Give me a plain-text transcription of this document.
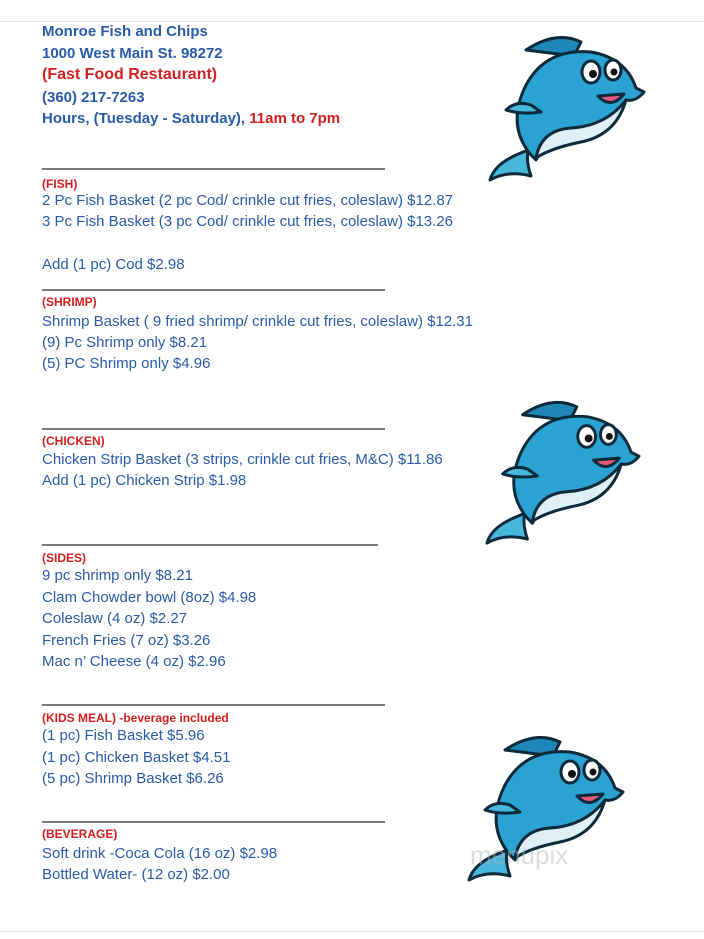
Monroe Fish and Chips
1000 West Main St. 98272
(Fast Food Restaurant)
(360) 217-7263
Hours, (Tuesday - Saturday), 11am to 7pm
(FISH)
2 Pc Fish Basket (2 pc Cod/ crinkle cut fries, coleslaw) $12.87
3 Pc Fish Basket (3 pc Cod/ crinkle cut fries, coleslaw) $13.26
Add (1 pc) Cod $2.98
(SHRIMP)
Shrimp Basket ( 9 fried shrimp/ crinkle cut fries, coleslaw) $12.31
(9) Pc Shrimp only $8.21
(5) PC Shrimp only $4.96
(CHICKEN)
Chicken Strip Basket (3 strips, crinkle cut fries, M&C) $11.86
Add (1 pc) Chicken Strip $1.98
(SIDES)
9 pc shrimp only $8.21
Clam Chowder bowl (8oz) $4.98
Coleslaw (4 oz) $2.27
French Fries (7 oz) $3.26
Mac n’ Cheese (4 oz) $2.96
(KIDS MEAL) -beverage included
(1 pc) Fish Basket $5.96
(1 pc) Chicken Basket $4.51
(5 pc) Shrimp Basket $6.26
(BEVERAGE)
Soft drink -Coca Cola (16 oz) $2.98
Bottled Water- (12 oz) $2.00
menupix
